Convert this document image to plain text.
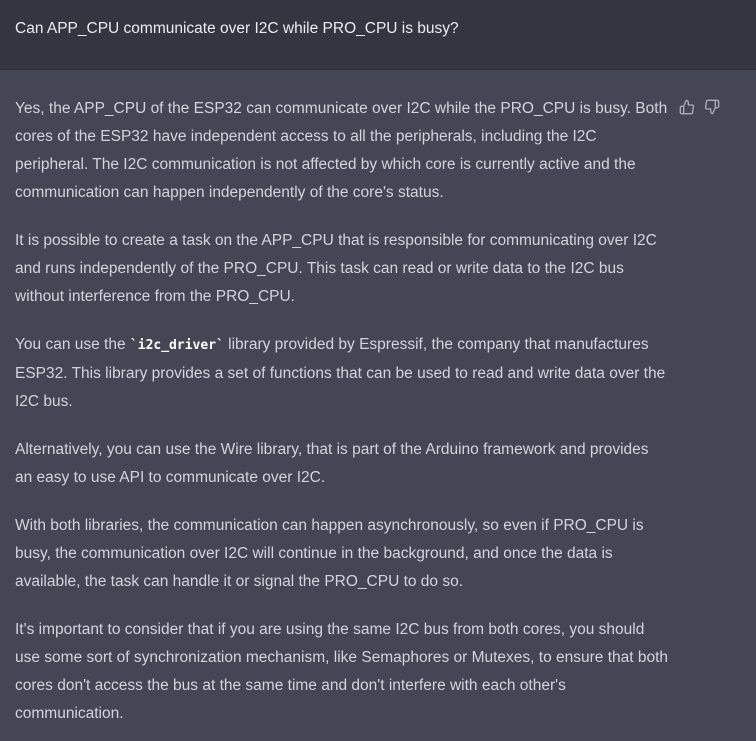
Can APP_CPU communicate over I2C while PRO_CPU is busy?

Yes, the APP_CPU of the ESP32 can communicate over I2C while the PRO_CPU is busy. Both cores of the ESP32 have independent access to all the peripherals, including the I2C peripheral. The I2C communication is not affected by which core is currently active and the communication can happen independently of the core's status.

It is possible to create a task on the APP_CPU that is responsible for communicating over I2C and runs independently of the PRO_CPU. This task can read or write data to the I2C bus without interference from the PRO_CPU.

You can use the `i2c_driver` library provided by Espressif, the company that manufactures ESP32. This library provides a set of functions that can be used to read and write data over the I2C bus.

Alternatively, you can use the Wire library, that is part of the Arduino framework and provides an easy to use API to communicate over I2C.

With both libraries, the communication can happen asynchronously, so even if PRO_CPU is busy, the communication over I2C will continue in the background, and once the data is available, the task can handle it or signal the PRO_CPU to do so.

It's important to consider that if you are using the same I2C bus from both cores, you should use some sort of synchronization mechanism, like Semaphores or Mutexes, to ensure that both cores don't access the bus at the same time and don't interfere with each other's communication.
